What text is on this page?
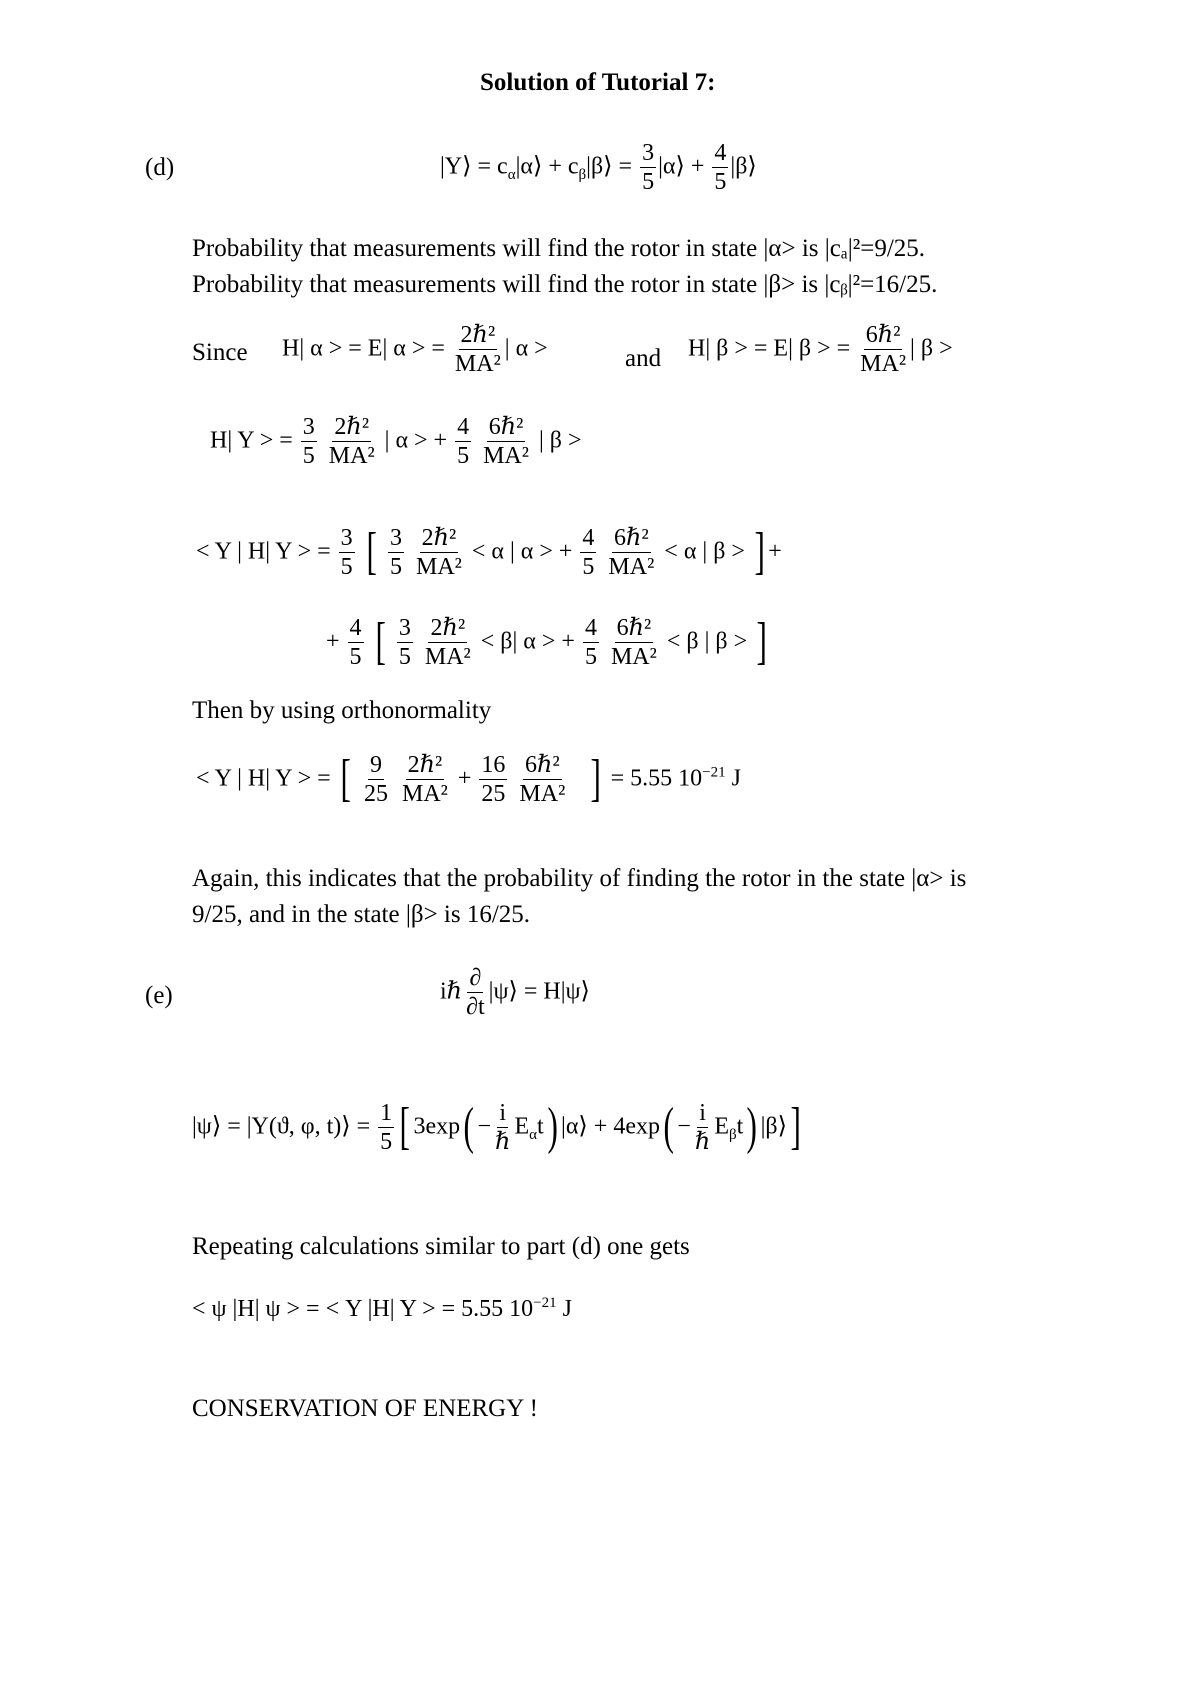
Solution of Tutorial 7:
(d)	|Y⟩ = $c_\alpha|\alpha⟩$ + $c_\beta|\beta⟩ = \frac{3}{5}$ |α⟩ + $\frac{4}{5}$ |β⟩
Probability that measurements will find the rotor in state |α> is |cₐ|²=9/25.
Probability that measurements will find the rotor in state |β> is |cᵦ|²=16/25.
Since H| α > = E| α > = $\frac{\text{2ℏ²}}{\text{MA²}}$ | α >	and H| β > = E| β > = $\frac{\text{6ℏ²}}{\text{MA²}}$ | β >
H| Y > = $\frac{3}{5}$
$\frac{\text{2ℏ²}}{\text{MA²}}$ | α > + $\frac{4}{5}$
$\frac{\text{6ℏ²}}{\text{MA²}}$ | β >
< Y | H| Y > = $\frac{3}{5}$ [ $\frac{3}{5}$
$\frac{\text{2ℏ²}}{\text{MA²}} < \alpha$ | α > + $\frac{4}{5}$
$\frac{\text{6ℏ²}}{\text{MA²}} < \alpha$ | β > ] +
+ $\frac{4}{5}$ [ $\frac{3}{5}$
$\frac{\text{2ℏ²}}{\text{MA²}} < \beta|$ α > + $\frac{4}{5}$
$\frac{\text{6ℏ²}}{\text{MA²}} < \beta$ | β > ]
Then by using orthonormality
< Y | H| Y > = [ $\frac{9}{25}$
$\frac{\text{2ℏ²}}{\text{MA²}} + \frac{16}{25}$
$\frac{\text{6ℏ²}}{\text{MA²}}$ ] = 5.55 $10^{-21}$ J
Again, this indicates that the probability of finding the rotor in the state |α> is
9/25, and in the state |β> is 16/25.
(e)	iℏ $\frac{\partial}{\partial t}$ |ψ⟩ = H|ψ⟩
|ψ⟩ = |Y(ϑ, φ, t)⟩ = $\frac{1}{5}$ [ $3\exp( - \frac{i}{\text{ℏ}} E_\alpha t)$ |α⟩ + $4\exp( - \frac{i}{\text{ℏ}} E_\beta t)$ |β⟩]
Repeating calculations similar to part (d) one gets
< ψ |H| ψ > = < Y |H| Y > = 5.55 $10^{-21}$ J
CONSERVATION OF ENERGY !
